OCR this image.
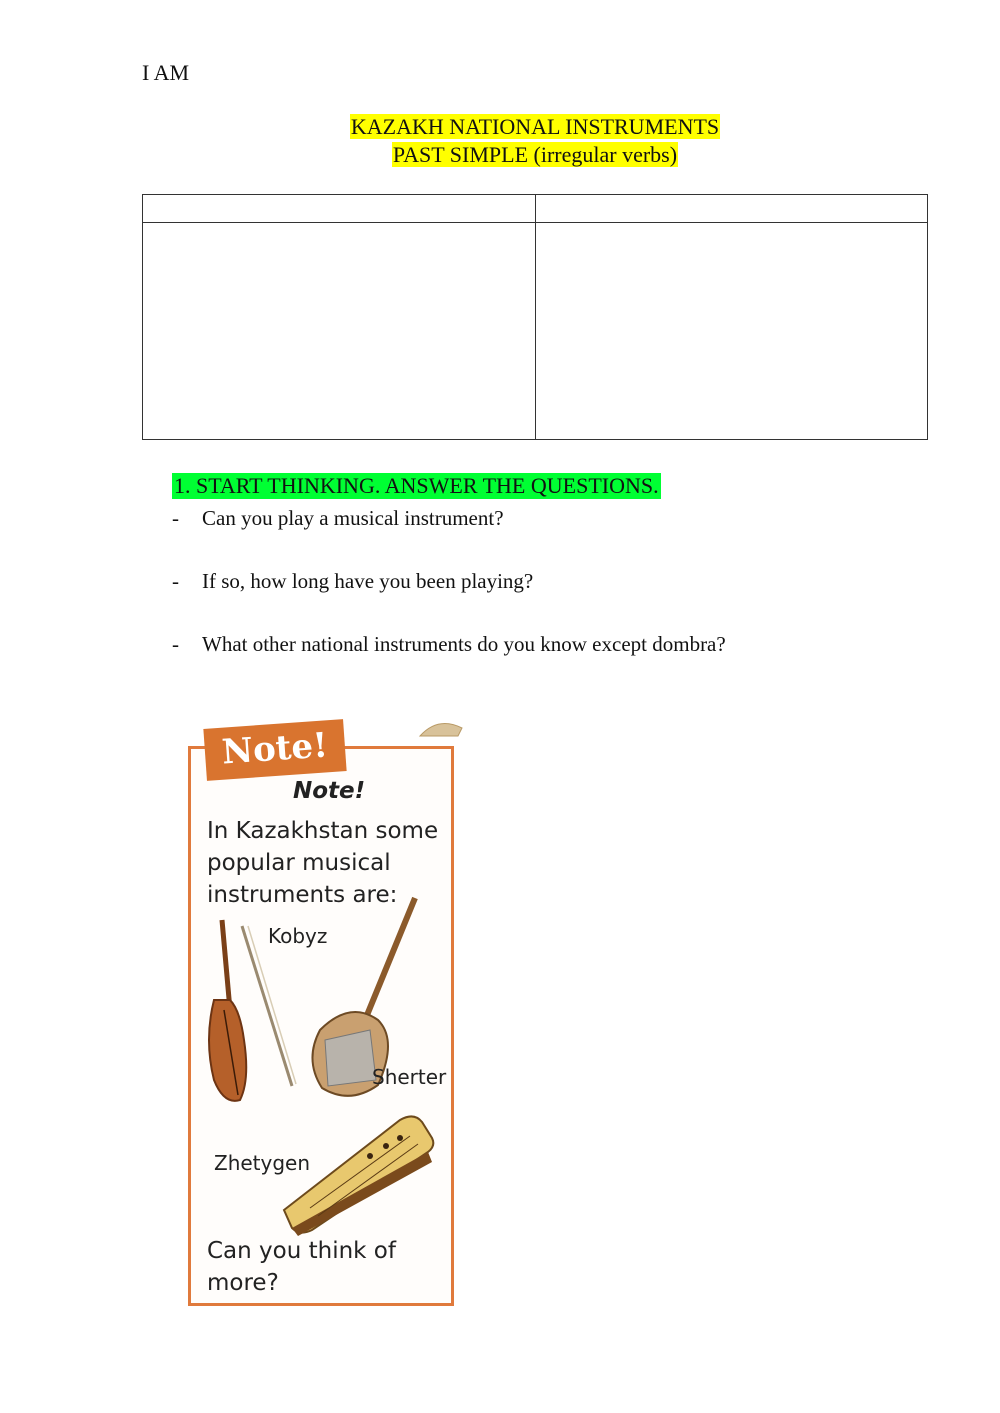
I AM
KAZAKH NATIONAL INSTRUMENTS
PAST SIMPLE (irregular verbs)

1. START THINKING. ANSWER THE QUESTIONS.
- Can you play a musical instrument?
- If so, how long have you been playing?
- What other national instruments do you know except dombra?
Note!
Note!
In Kazakhstan some popular musical instruments are:
Kobyz
Sherter
Zhetygen
Can you think of more?
